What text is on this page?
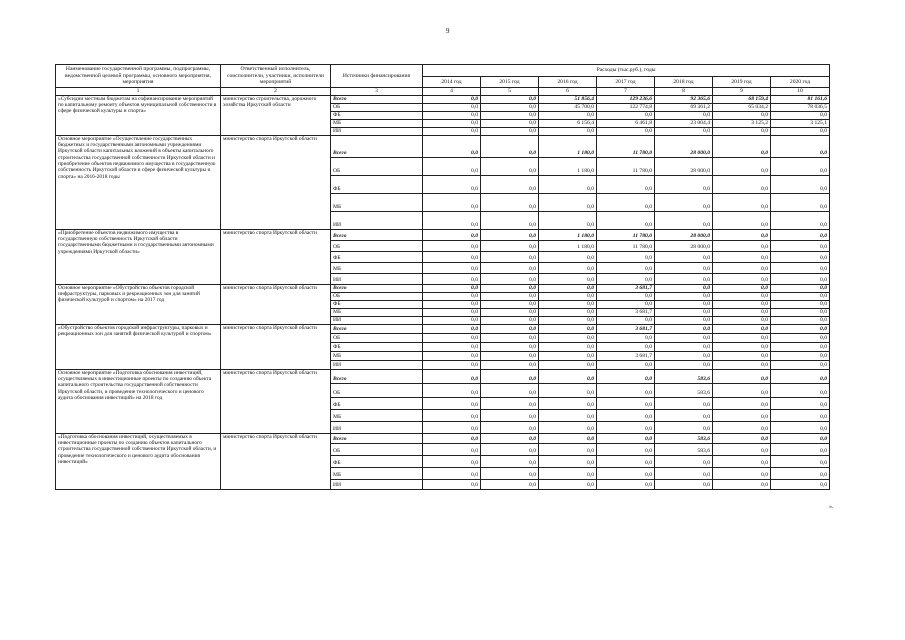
9
Наименование государственной программы, подпрограммы, ведомственной целевой программы, основного мероприятия, мероприятия	Ответственный исполнитель, соисполнители, участники, исполнители мероприятий	Источники финансирования	Расходы (тыс.руб.), годы						
			2014 год	2015 год	2016 год	2017 год	2018 год	2019 год	2020 год
1	2	3	4	5	6	7	8	9	10
«Субсидии местным бюджетам на софинансирование мероприятий по капитальному ремонту объектов муниципальной собственности в сфере физической культуры и спорта»	министерство строительства, дорожного хозяйства Иркутской области	Всего	0,0	0,0	51 856,4	129 236,6	92 365,6	68 159,4	81 161,6
		ОБ	0,0	0,0	45 700,0	122 774,8	69 361,2	65 034,2	78 036,5
		ФБ	0,0	0,0	0,0	0,0	0,0	0,0	0,0
		МБ	0,0	0,0	6 156,4	6 461,8	23 004,4	3 125,2	3 125,1
		ИИ	0,0	0,0	0,0	0,0	0,0	0,0	0,0
Основное мероприятие «Осуществление государственных бюджетных и государственными автономными учреждениями Иркутской области капитальных вложений в объекты капитального строительства государственной собственности Иркутской области и приобретение объектов недвижимого имущества в государственную собственность Иркутской области в сфере физической культуры и спорта» на 2016-2018 годы	министерство спорта Иркутской области	Всего	0,0	0,0	1 180,0	11 780,0	28 000,0	0,0	0,0
		ОБ	0,0	0,0	1 180,0	11 780,0	28 000,0	0,0	0,0
		ФБ	0,0	0,0	0,0	0,0	0,0	0,0	0,0
		МБ	0,0	0,0	0,0	0,0	0,0	0,0	0,0
		ИИ	0,0	0,0	0,0	0,0	0,0	0,0	0,0
«Приобретение объектов недвижимого имущества в государственную собственность Иркутской области государственными бюджетными и государственными автономными учреждениями Иркутской области»	министерство спорта Иркутской области	Всего	0,0	0,0	1 180,0	11 780,0	28 000,0	0,0	0,0
		ОБ	0,0	0,0	1 180,0	11 780,0	28 000,0	0,0	0,0
		ФБ	0,0	0,0	0,0	0,0	0,0	0,0	0,0
		МБ	0,0	0,0	0,0	0,0	0,0	0,0	0,0
		ИИ	0,0	0,0	0,0	0,0	0,0	0,0	0,0
Основное мероприятие «Обустройство объектов городской инфраструктуры, парковых и рекреационных зон для занятий физической культурой и спортом» на 2017 год	министерство спорта Иркутской области	Всего	0,0	0,0	0,0	3 681,7	0,0	0,0	0,0
		ОБ	0,0	0,0	0,0	0,0	0,0	0,0	0,0
		ФБ	0,0	0,0	0,0	0,0	0,0	0,0	0,0
		МБ	0,0	0,0	0,0	3 681,7	0,0	0,0	0,0
		ИИ	0,0	0,0	0,0	0,0	0,0	0,0	0,0
«Обустройство объектов городской инфраструктуры, парковых и рекреационных зон для занятий физической культурой и спортом»	министерство спорта Иркутской области	Всего	0,0	0,0	0,0	3 681,7	0,0	0,0	0,0
		ОБ	0,0	0,0	0,0	0,0	0,0	0,0	0,0
		ФБ	0,0	0,0	0,0	0,0	0,0	0,0	0,0
		МБ	0,0	0,0	0,0	3 681,7	0,0	0,0	0,0
		ИИ	0,0	0,0	0,0	0,0	0,0	0,0	0,0
Основное мероприятие «Подготовка обоснования инвестиций, осуществляемых в инвестиционные проекты по созданию объекта капитального строительства государственной собственности Иркутской области, и проведение технологического и ценового аудита обоснования инвестиций» на 2018 год	министерство спорта Иркутской области	Всего	0,0	0,0	0,0	0,0	583,6	0,0	0,0
		ОБ	0,0	0,0	0,0	0,0	583,6	0,0	0,0
		ФБ	0,0	0,0	0,0	0,0	0,0	0,0	0,0
		МБ	0,0	0,0	0,0	0,0	0,0	0,0	0,0
		ИИ	0,0	0,0	0,0	0,0	0,0	0,0	0,0
«Подготовка обоснования инвестиций, осуществляемых в инвестиционные проекты по созданию объектов капитального строительства государственной собственности Иркутской области, и проведение технологического и ценового аудита обоснования инвестиций»	министерство спорта Иркутской области	Всего	0,0	0,0	0,0	0,0	583,6	0,0	0,0
		ОБ	0,0	0,0	0,0	0,0	583,6	0,0	0,0
		ФБ	0,0	0,0	0,0	0,0	0,0	0,0	0,0
		МБ	0,0	0,0	0,0	0,0	0,0	0,0	0,0
		ИИ	0,0	0,0	0,0	0,0	0,0	0,0	0,0
».
